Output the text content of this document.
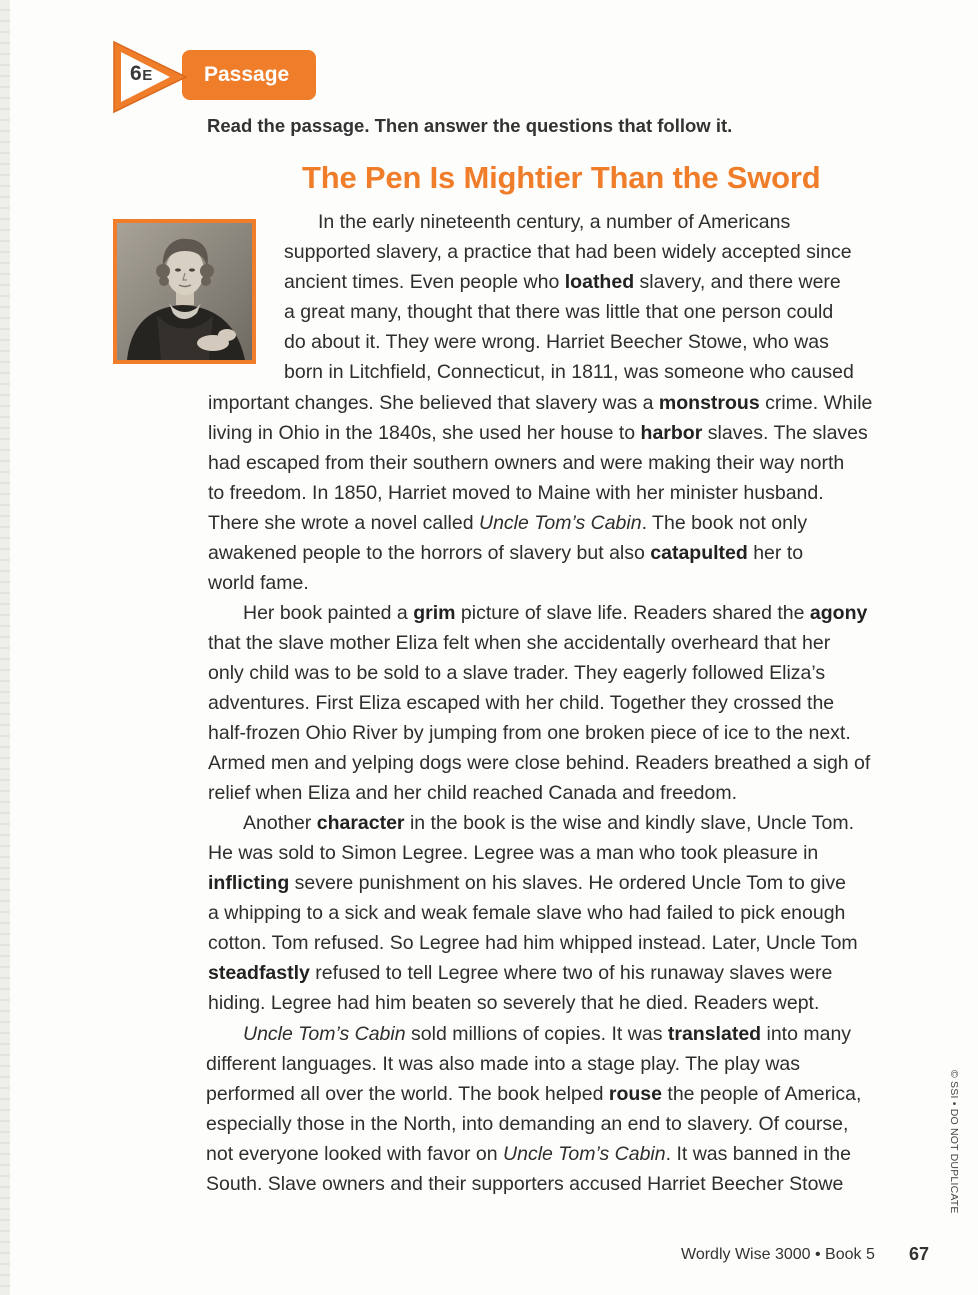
6E Passage
Read the passage. Then answer the questions that follow it.
The Pen Is Mightier Than the Sword
In the early nineteenth century, a number of Americans
supported slavery, a practice that had been widely accepted since
ancient times. Even people who loathed slavery, and there were
a great many, thought that there was little that one person could
do about it. They were wrong. Harriet Beecher Stowe, who was
born in Litchfield, Connecticut, in 1811, was someone who caused
important changes. She believed that slavery was a monstrous crime. While
living in Ohio in the 1840s, she used her house to harbor slaves. The slaves
had escaped from their southern owners and were making their way north
to freedom. In 1850, Harriet moved to Maine with her minister husband.
There she wrote a novel called Uncle Tom’s Cabin. The book not only
awakened people to the horrors of slavery but also catapulted her to
world fame.
Her book painted a grim picture of slave life. Readers shared the agony
that the slave mother Eliza felt when she accidentally overheard that her
only child was to be sold to a slave trader. They eagerly followed Eliza’s
adventures. First Eliza escaped with her child. Together they crossed the
half-frozen Ohio River by jumping from one broken piece of ice to the next.
Armed men and yelping dogs were close behind. Readers breathed a sigh of
relief when Eliza and her child reached Canada and freedom.
Another character in the book is the wise and kindly slave, Uncle Tom.
He was sold to Simon Legree. Legree was a man who took pleasure in
inflicting severe punishment on his slaves. He ordered Uncle Tom to give
a whipping to a sick and weak female slave who had failed to pick enough
cotton. Tom refused. So Legree had him whipped instead. Later, Uncle Tom
steadfastly refused to tell Legree where two of his runaway slaves were
hiding. Legree had him beaten so severely that he died. Readers wept.
Uncle Tom’s Cabin sold millions of copies. It was translated into many
different languages. It was also made into a stage play. The play was
performed all over the world. The book helped rouse the people of America,
especially those in the North, into demanding an end to slavery. Of course,
not everyone looked with favor on Uncle Tom’s Cabin. It was banned in the
South. Slave owners and their supporters accused Harriet Beecher Stowe	© SSI • DO NOT DUPLICATE
Wordly Wise 3000 • Book 5 67
